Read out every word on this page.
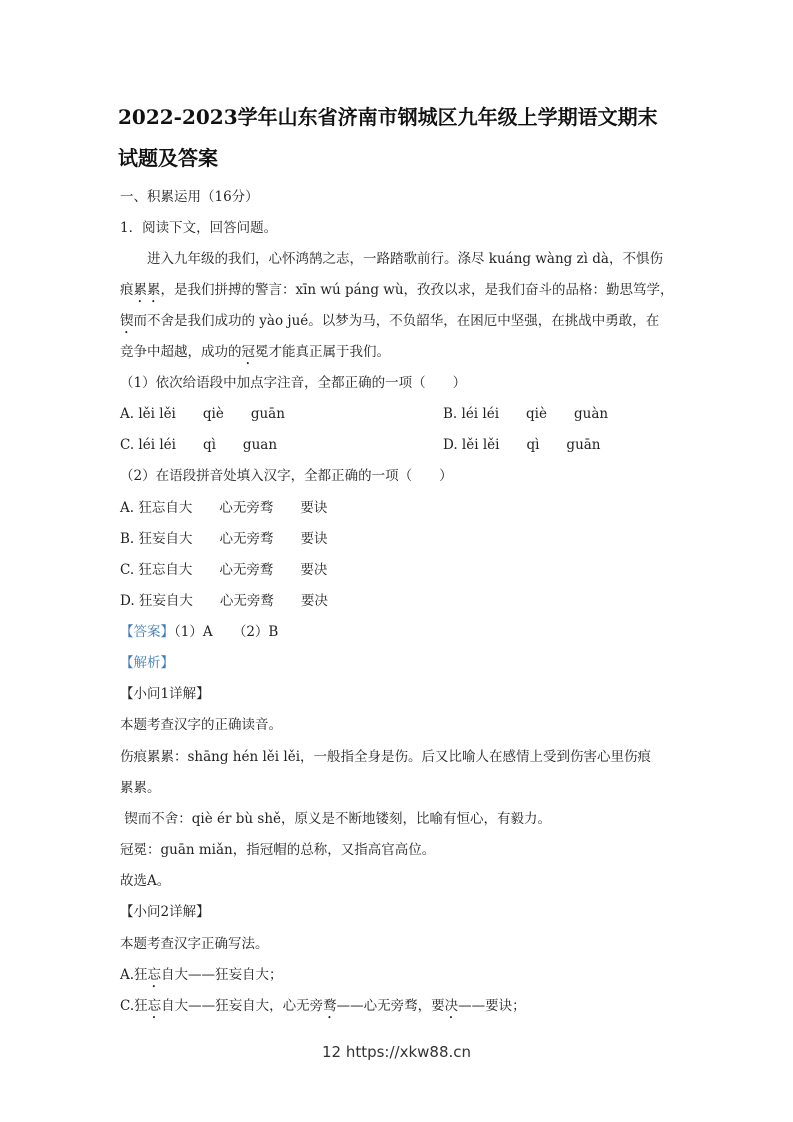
2022-2023学年山东省济南市钢城区九年级上学期语文期末
试题及答案
一、积累运用（16分）
1．阅读下文，回答问题。
　　进入九年级的我们，心怀鸿鹄之志，一路踏歌前行。涤尽 kuáng wàng zì dà，不惧伤
痕累累，是我们拼搏的警言：xīn wú páng wù，孜孜以求，是我们奋斗的品格：勤思笃学，
锲而不舍是我们成功的 yào jué。以梦为马，不负韶华，在困厄中坚强，在挑战中勇敢，在
竞争中超越，成功的冠冕才能真正属于我们。
（1）依次给语段中加点字注音，全都正确的一项（　　）
A. lěi lěi　　qiè　　guān	B. léi léi　　qiè　　guàn
C. léi léi　　qì　　guan	D. lěi lěi　　qì　　guān
（2）在语段拼音处填入汉字，全都正确的一项（　　）
A. 狂忘自大　　心无旁骛　　要诀
B. 狂妄自大　　心无旁骛　　要诀
C. 狂忘自大　　心无旁鹜　　要决
D. 狂妄自大　　心无旁鹜　　要决
【答案】（1）A　　（2）B
【解析】
【小问1详解】
本题考查汉字的正确读音。
伤痕累累：shāng hén lěi lěi，一般指全身是伤。后又比喻人在感情上受到伤害心里伤痕
累累。
锲而不舍：qiè ér bù shě，原义是不断地镂刻，比喻有恒心，有毅力。
冠冕：guān miǎn，指冠帽的总称，又指高官高位。
故选A。
【小问2详解】
本题考查汉字正确写法。
A.狂忘自大——狂妄自大；
C.狂忘自大——狂妄自大，心无旁鹜——心无旁骛，要决——要诀；
12 https://xkw88.cn
